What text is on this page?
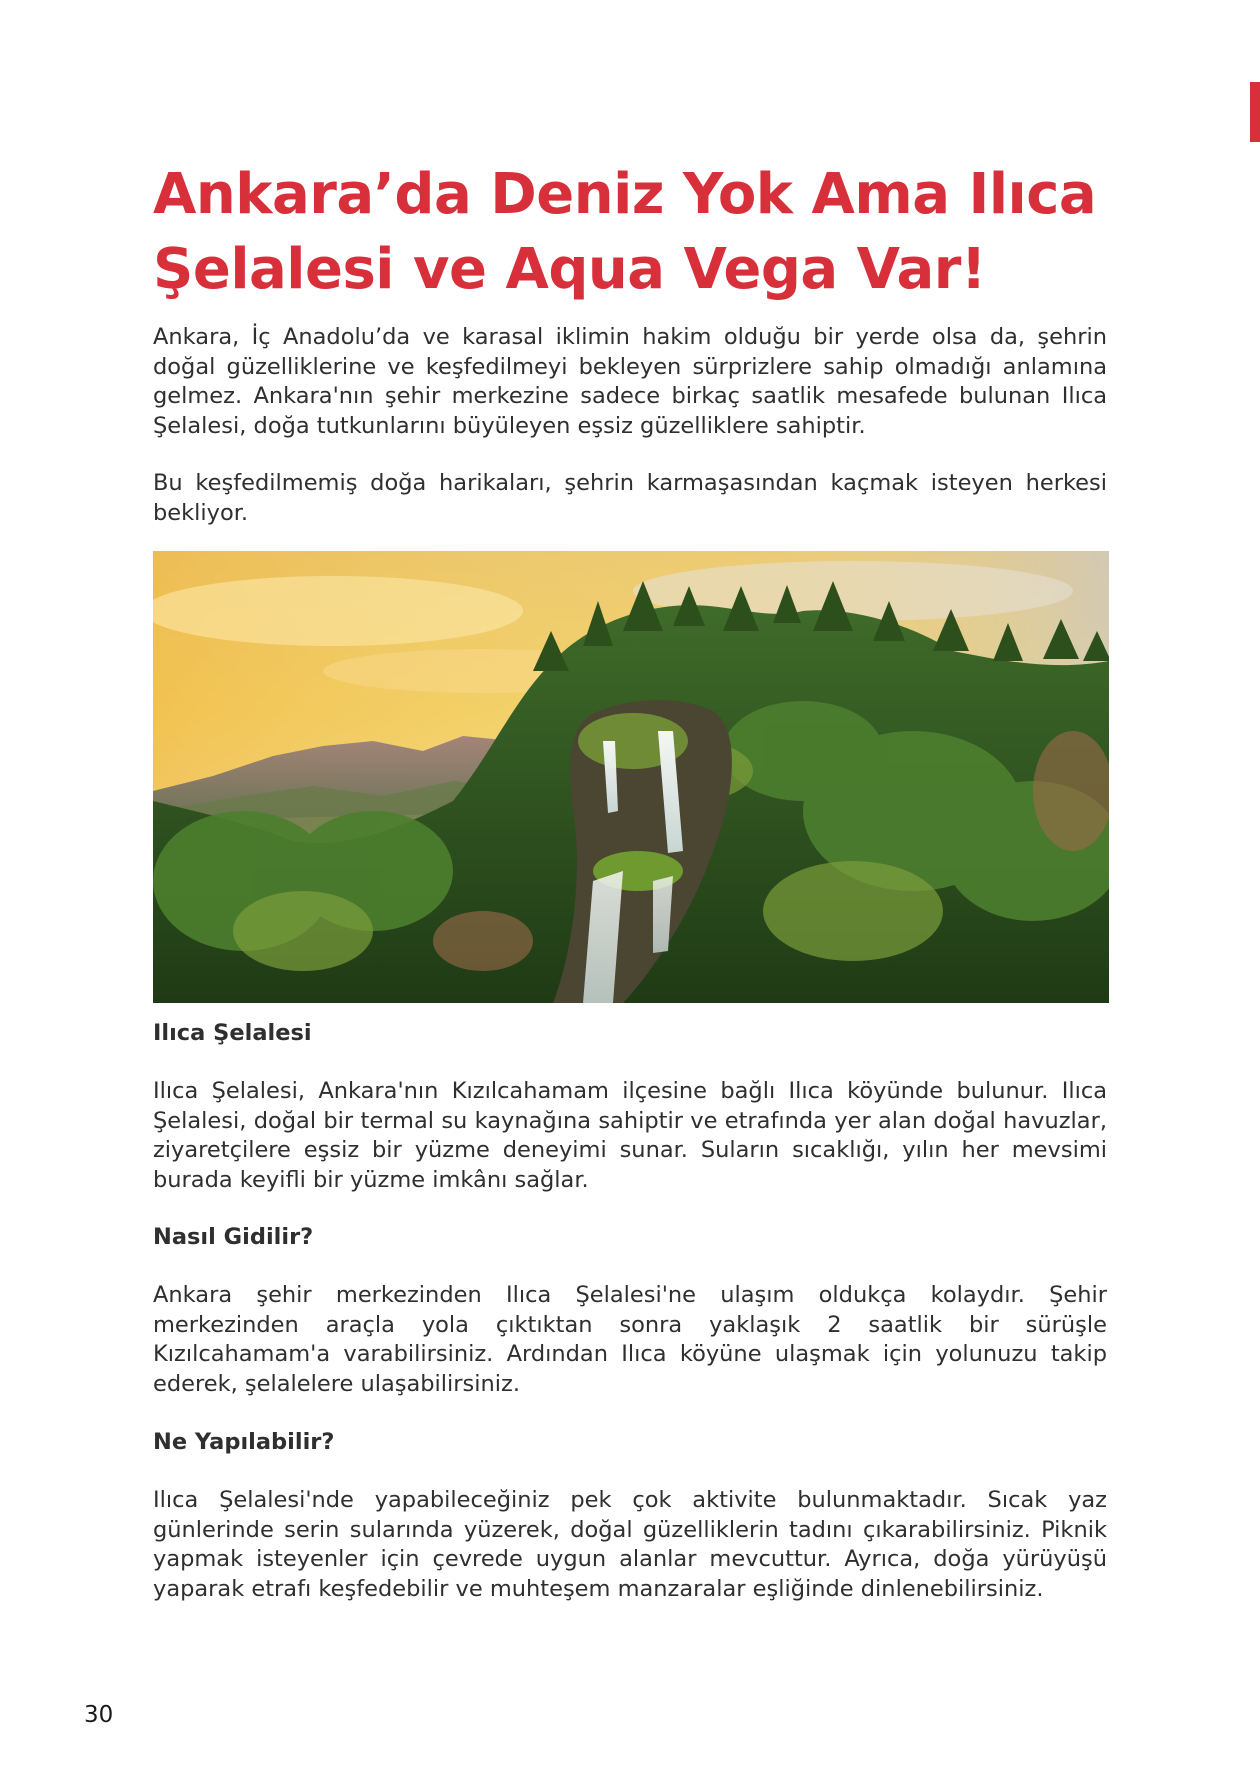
Ankara’da Deniz Yok Ama Ilıca Şelalesi ve Aqua Vega Var!

Ankara, İç Anadolu’da ve karasal iklimin hakim olduğu bir yerde olsa da, şehrin doğal güzelliklerine ve keşfedilmeyi bekleyen sürprizlere sahip olmadığı anlamına gelmez. Ankara'nın şehir merkezine sadece birkaç saatlik mesafede bulunan Ilıca Şelalesi, doğa tutkunlarını büyüleyen eşsiz güzelliklere sahiptir.

Bu keşfedilmemiş doğa harikaları, şehrin karmaşasından kaçmak isteyen herkesi bekliyor.

Ilıca Şelalesi

Ilıca Şelalesi, Ankara'nın Kızılcahamam ilçesine bağlı Ilıca köyünde bulunur. Ilıca Şelalesi, doğal bir termal su kaynağına sahiptir ve etrafında yer alan doğal havuzlar, ziyaretçilere eşsiz bir yüzme deneyimi sunar. Suların sıcaklığı, yılın her mevsimi burada keyifli bir yüzme imkânı sağlar.

Nasıl Gidilir?

Ankara şehir merkezinden Ilıca Şelalesi'ne ulaşım oldukça kolaydır. Şehir merkezinden araçla yola çıktıktan sonra yaklaşık 2 saatlik bir sürüşle Kızılcahamam'a varabilirsiniz. Ardından Ilıca köyüne ulaşmak için yolunuzu takip ederek, şelalelere ulaşabilirsiniz.

Ne Yapılabilir?

Ilıca Şelalesi'nde yapabileceğiniz pek çok aktivite bulunmaktadır. Sıcak yaz günlerinde serin sularında yüzerek, doğal güzelliklerin tadını çıkarabilirsiniz. Piknik yapmak isteyenler için çevrede uygun alanlar mevcuttur. Ayrıca, doğa yürüyüşü yaparak etrafı keşfedebilir ve muhteşem manzaralar eşliğinde dinlenebilirsiniz.

30
